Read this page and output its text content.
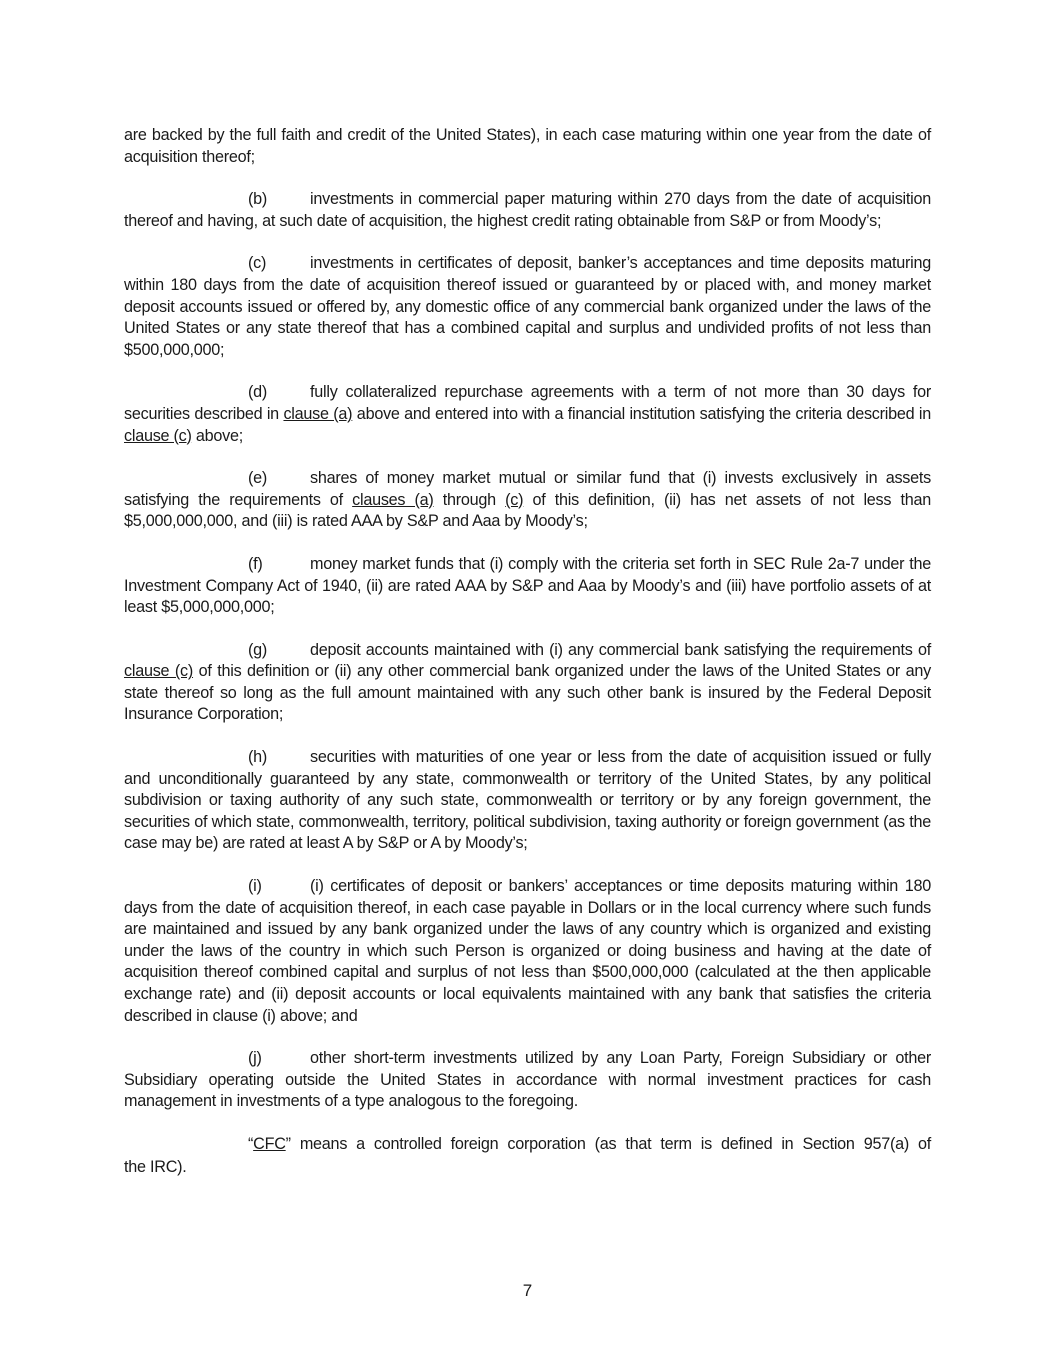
are backed by the full faith and credit of the United States), in each case maturing within one year from the date of acquisition thereof;

(b)	investments in commercial paper maturing within 270 days from the date of acquisition thereof and having, at such date of acquisition, the highest credit rating obtainable from S&P or from Moody’s;

(c)	investments in certificates of deposit, banker’s acceptances and time deposits maturing within 180 days from the date of acquisition thereof issued or guaranteed by or placed with, and money market deposit accounts issued or offered by, any domestic office of any commercial bank organized under the laws of the United States or any state thereof that has a combined capital and surplus and undivided profits of not less than $500,000,000;

(d)	fully collateralized repurchase agreements with a term of not more than 30 days for securities described in clause (a) above and entered into with a financial institution satisfying the criteria described in clause (c) above;

(e)	shares of money market mutual or similar fund that (i) invests exclusively in assets satisfying the requirements of clauses (a) through (c) of this definition, (ii) has net assets of not less than $5,000,000,000, and (iii) is rated AAA by S&P and Aaa by Moody’s;

(f)	money market funds that (i) comply with the criteria set forth in SEC Rule 2a-7 under the Investment Company Act of 1940, (ii) are rated AAA by S&P and Aaa by Moody’s and (iii) have portfolio assets of at least $5,000,000,000;

(g)	deposit accounts maintained with (i) any commercial bank satisfying the requirements of clause (c) of this definition or (ii) any other commercial bank organized under the laws of the United States or any state thereof so long as the full amount maintained with any such other bank is insured by the Federal Deposit Insurance Corporation;

(h)	securities with maturities of one year or less from the date of acquisition issued or fully and unconditionally guaranteed by any state, commonwealth or territory of the United States, by any political subdivision or taxing authority of any such state, commonwealth or territory or by any foreign government, the securities of which state, commonwealth, territory, political subdivision, taxing authority or foreign government (as the case may be) are rated at least A by S&P or A by Moody’s;

(i)	(i) certificates of deposit or bankers’ acceptances or time deposits maturing within 180 days from the date of acquisition thereof, in each case payable in Dollars or in the local currency where such funds are maintained and issued by any bank organized under the laws of any country which is organized and existing under the laws of the country in which such Person is organized or doing business and having at the date of acquisition thereof combined capital and surplus of not less than $500,000,000 (calculated at the then applicable exchange rate) and (ii) deposit accounts or local equivalents maintained with any bank that satisfies the criteria described in clause (i) above; and

(j)	other short-term investments utilized by any Loan Party, Foreign Subsidiary or other Subsidiary operating outside the United States in accordance with normal investment practices for cash management in investments of a type analogous to the foregoing.

“CFC” means a controlled foreign corporation (as that term is defined in Section 957(a) of

the IRC).

7
